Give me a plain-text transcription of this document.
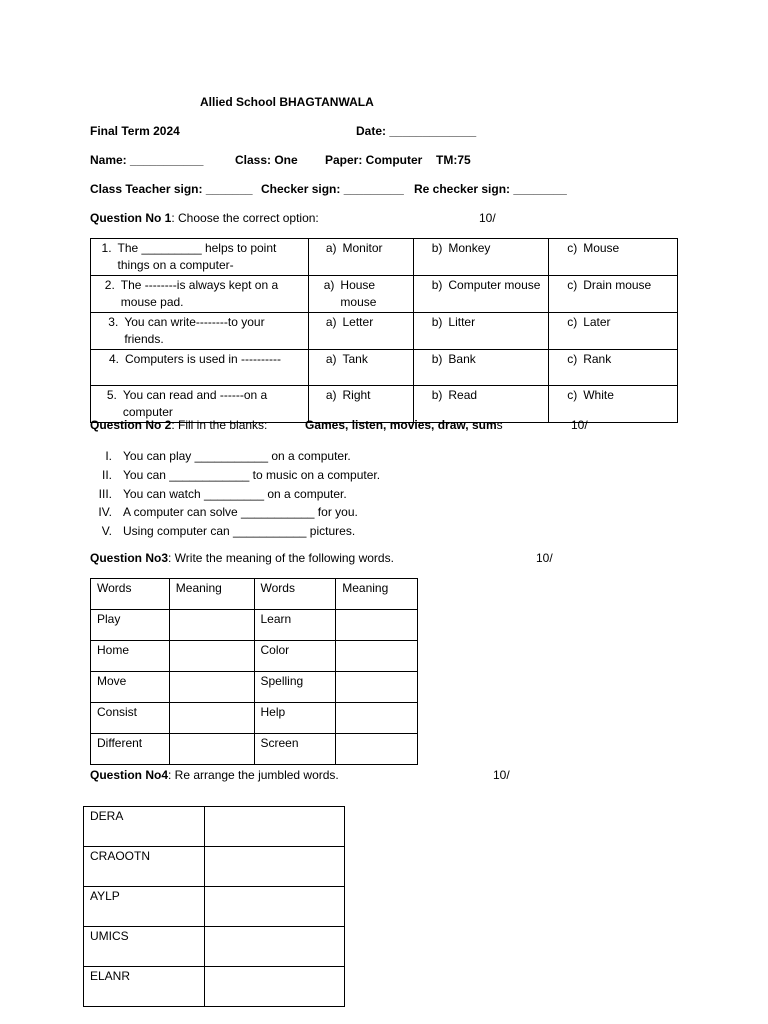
Allied School BHAGTANWALA
Final Term 2024	Date: _____________
Name: ___________	Class: One Paper: Computer TM:75
Class Teacher sign: _______ Checker sign: _________ Re checker sign: ________
Question No 1: Choose the correct option:	10/
1. The _________ helps to point things on a computer-	a) Monitor	b) Monkey	c) Mouse

2. The --------is always kept on a mouse pad.	a) House mouse	b) Computer mouse	c) Drain mouse

3. You can write--------to your friends.	a) Letter	b) Litter	c) Later

4. Computers is used in ----------	a) Tank	b) Bank	c) Rank

5. You can read and ------on a computer	a) Right	b) Read	c) White
Question No 2: Fill in the blanks:	Games, listen, movies, draw, sums	10/
I. You can play ___________ on a computer.
II. You can ____________ to music on a computer.
III. You can watch _________ on a computer.
IV. A computer can solve ___________ for you.
V. Using computer can ___________ pictures.
Question No3: Write the meaning of the following words.	10/
Words	Meaning	Words	Meaning
Play		Learn	
Home		Color	
Move		Spelling	
Consist		Help	
Different		Screen	
Question No4: Re arrange the jumbled words.	10/
DERA	
CRAOOTN	
AYLP	
UMICS	
ELANR	
